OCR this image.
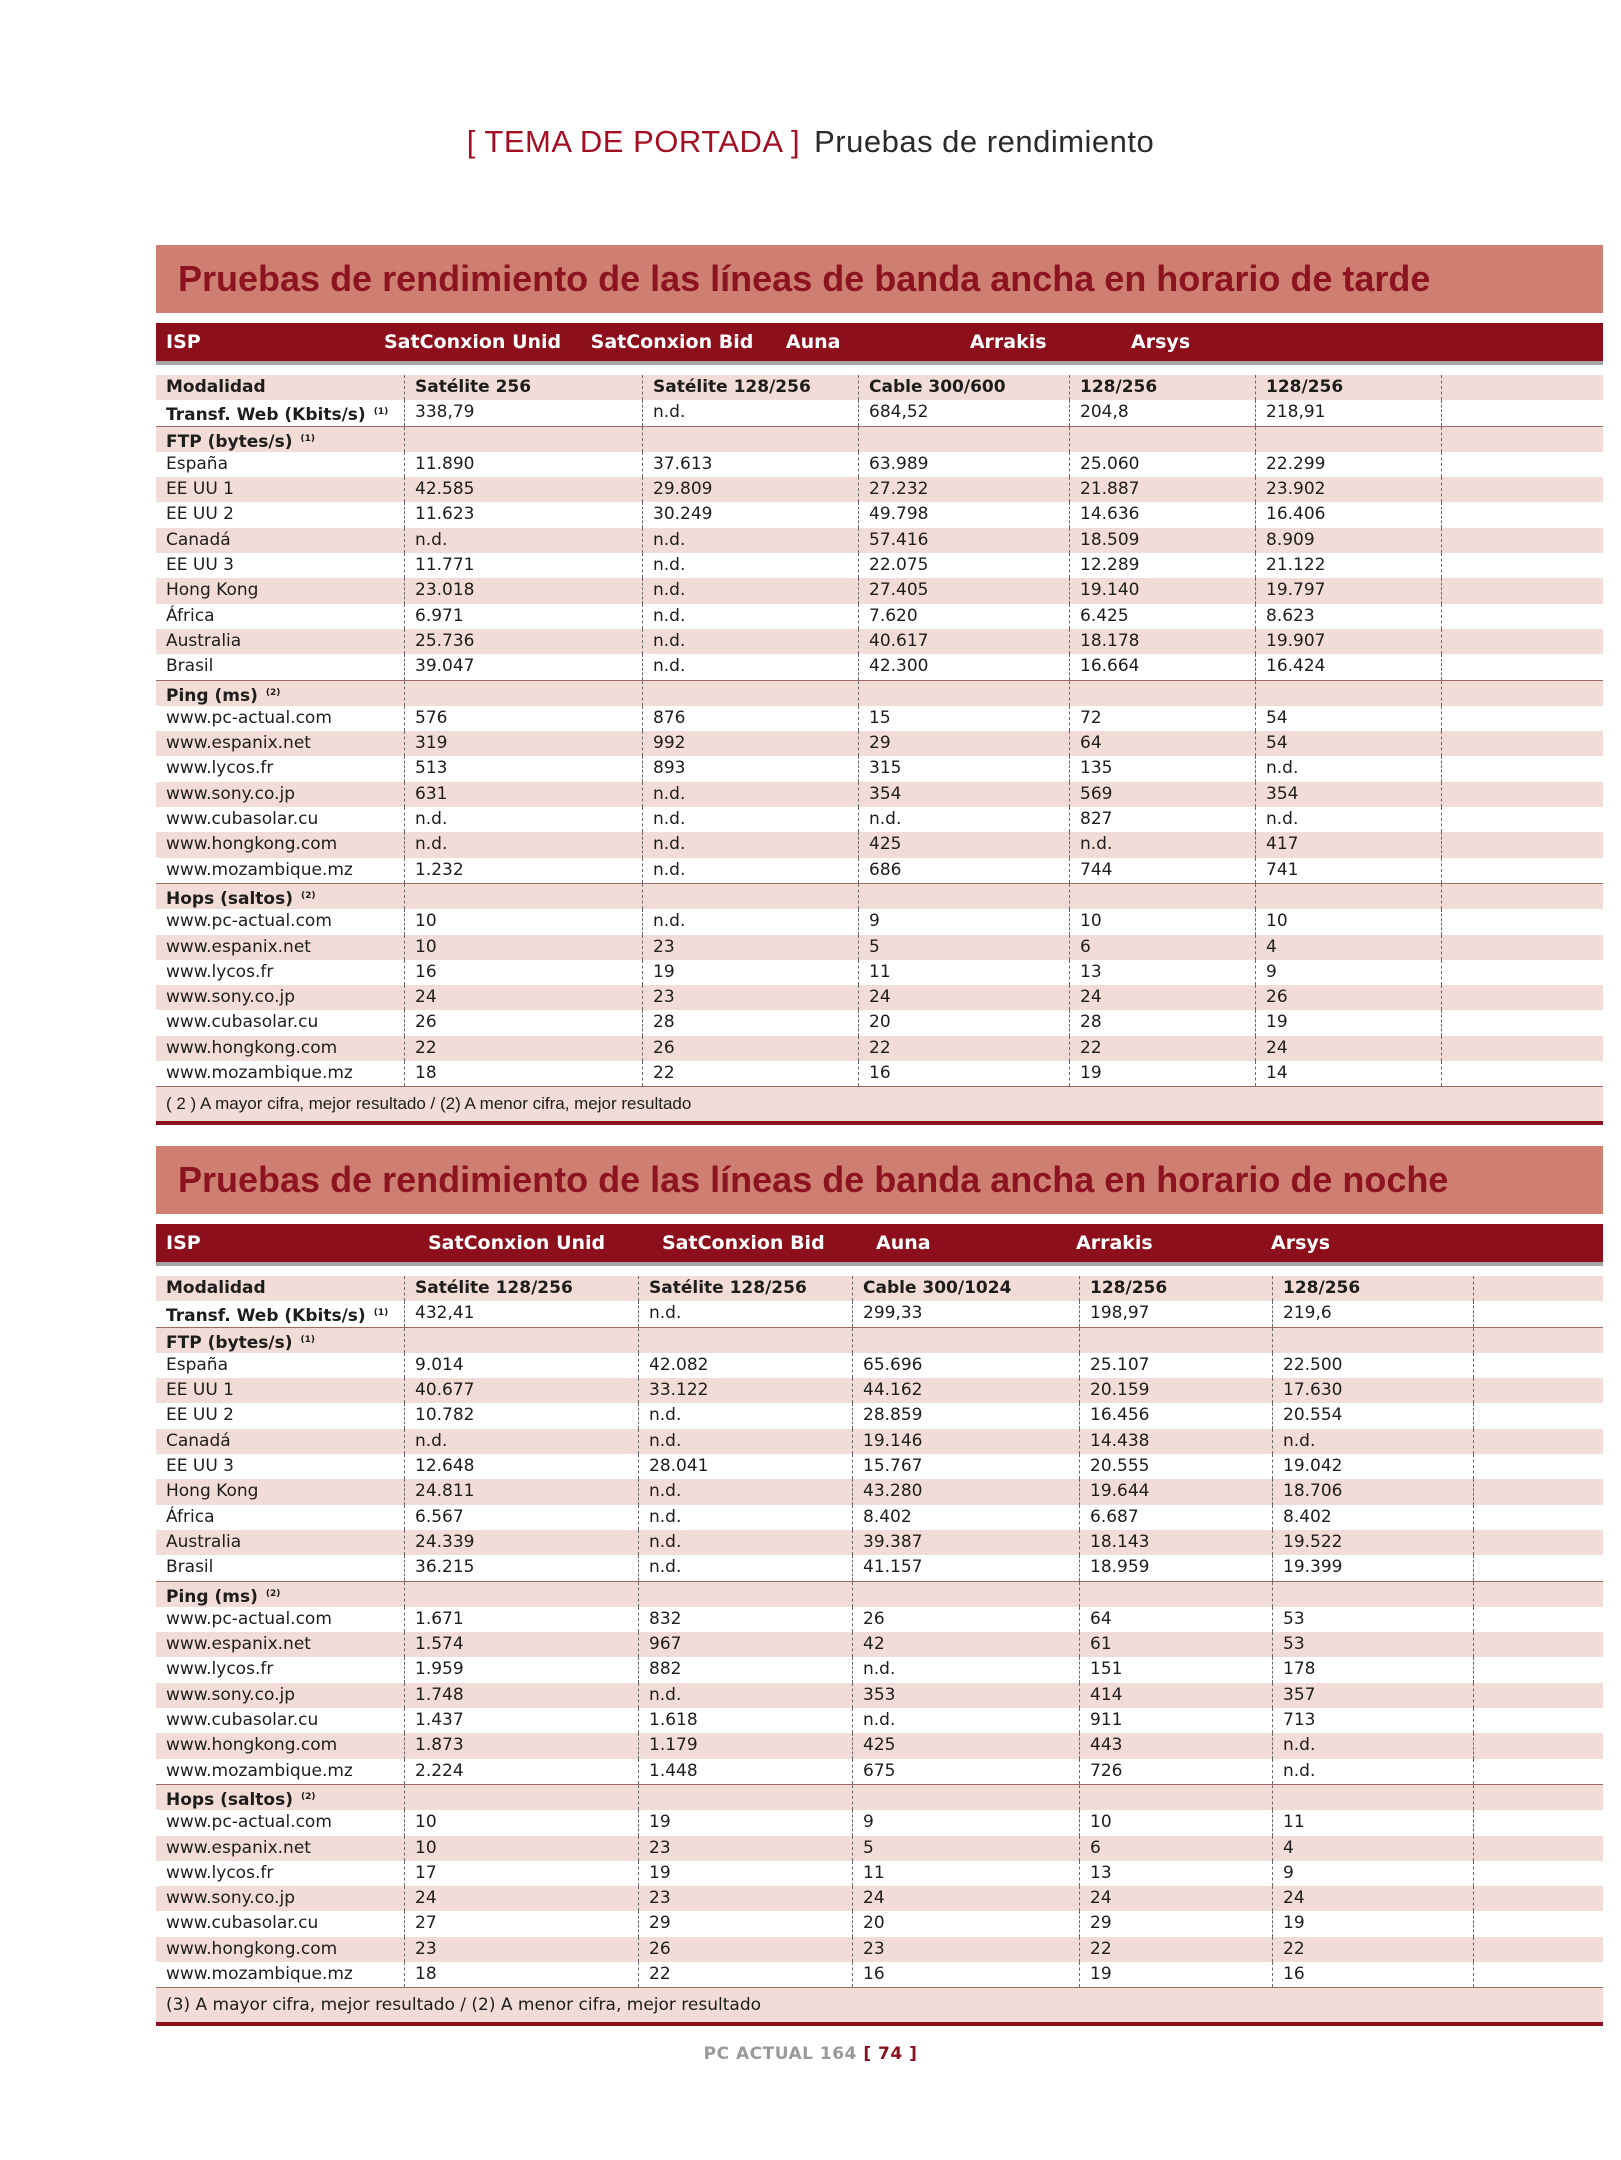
[ TEMA DE PORTADA ] Pruebas de rendimiento
Pruebas de rendimiento de las líneas de banda ancha en horario de tarde
ISP	SatConxion Unid	SatConxion Bid	Auna	Arrakis	Arsys
Modalidad	Satélite 256	Satélite 128/256	Cable 300/600	128/256	128/256
Transf. Web (Kbits/s) $^{(1)}$	338,79	n.d.	684,52	204,8	218,91
FTP (bytes/s) $^{(1)}$
España	11.890	37.613	63.989	25.060	22.299
EE UU 1	42.585	29.809	27.232	21.887	23.902
EE UU 2	11.623	30.249	49.798	14.636	16.406
Canadá	n.d.	n.d.	57.416	18.509	8.909
EE UU 3	11.771	n.d.	22.075	12.289	21.122
Hong Kong	23.018	n.d.	27.405	19.140	19.797
África	6.971	n.d.	7.620	6.425	8.623
Australia	25.736	n.d.	40.617	18.178	19.907
Brasil	39.047	n.d.	42.300	16.664	16.424
Ping (ms) $^{(2)}$
www.pc-actual.com	576	876	15	72	54
www.espanix.net	319	992	29	64	54
www.lycos.fr	513	893	315	135	n.d.
www.sony.co.jp	631	n.d.	354	569	354
www.cubasolar.cu	n.d.	n.d.	n.d.	827	n.d.
www.hongkong.com	n.d.	n.d.	425	n.d.	417
www.mozambique.mz	1.232	n.d.	686	744	741
Hops (saltos) $^{(2)}$
www.pc-actual.com	10	n.d.	9	10	10
www.espanix.net	10	23	5	6	4
www.lycos.fr	16	19	11	13	9
www.sony.co.jp	24	23	24	24	26
www.cubasolar.cu	26	28	20	28	19
www.hongkong.com	22	26	22	22	24
www.mozambique.mz	18	22	16	19	14
( 2 ) A mayor cifra, mejor resultado / (2) A menor cifra, mejor resultado
Pruebas de rendimiento de las líneas de banda ancha en horario de noche
ISP	SatConxion Unid	SatConxion Bid	Auna	Arrakis	Arsys
Modalidad	Satélite 128/256	Satélite 128/256	Cable 300/1024	128/256	128/256
Transf. Web (Kbits/s) $^{(1)}$	432,41	n.d.	299,33	198,97	219,6
FTP (bytes/s) $^{(1)}$
España	9.014	42.082	65.696	25.107	22.500
EE UU 1	40.677	33.122	44.162	20.159	17.630
EE UU 2	10.782	n.d.	28.859	16.456	20.554
Canadá	n.d.	n.d.	19.146	14.438	n.d.
EE UU 3	12.648	28.041	15.767	20.555	19.042
Hong Kong	24.811	n.d.	43.280	19.644	18.706
África	6.567	n.d.	8.402	6.687	8.402
Australia	24.339	n.d.	39.387	18.143	19.522
Brasil	36.215	n.d.	41.157	18.959	19.399
Ping (ms) $^{(2)}$
www.pc-actual.com	1.671	832	26	64	53
www.espanix.net	1.574	967	42	61	53
www.lycos.fr	1.959	882	n.d.	151	178
www.sony.co.jp	1.748	n.d.	353	414	357
www.cubasolar.cu	1.437	1.618	n.d.	911	713
www.hongkong.com	1.873	1.179	425	443	n.d.
www.mozambique.mz	2.224	1.448	675	726	n.d.
Hops (saltos) $^{(2)}$
www.pc-actual.com	10	19	9	10	11
www.espanix.net	10	23	5	6	4
www.lycos.fr	17	19	11	13	9
www.sony.co.jp	24	23	24	24	24
www.cubasolar.cu	27	29	20	29	19
www.hongkong.com	23	26	23	22	22
www.mozambique.mz	18	22	16	19	16
(3) A mayor cifra, mejor resultado / (2) A menor cifra, mejor resultado
PC ACTUAL 164 [ 74 ]
